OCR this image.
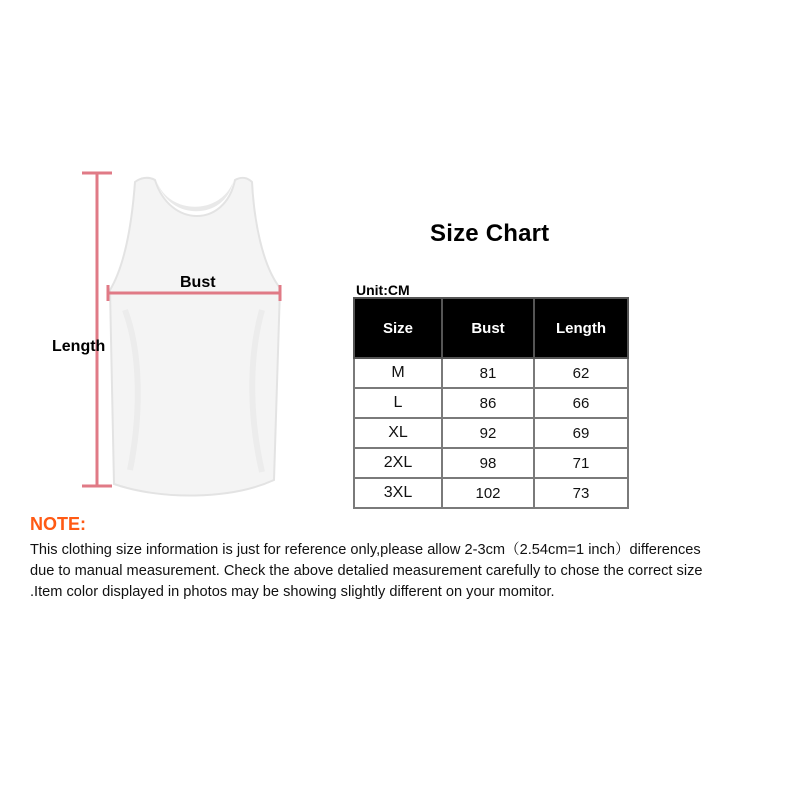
Bust
Length
Size Chart
Unit:CM
Size	Bust	Length
M	81	62
L	86	66
XL	92	69
2XL	98	71
3XL	102	73
NOTE:
This clothing size information is just for reference only,please allow 2-3cm（2.54cm=1 inch）differences
due to manual measurement. Check the above detalied measurement carefully to chose the correct size
.Item color displayed in photos may be showing slightly different on your momitor.
